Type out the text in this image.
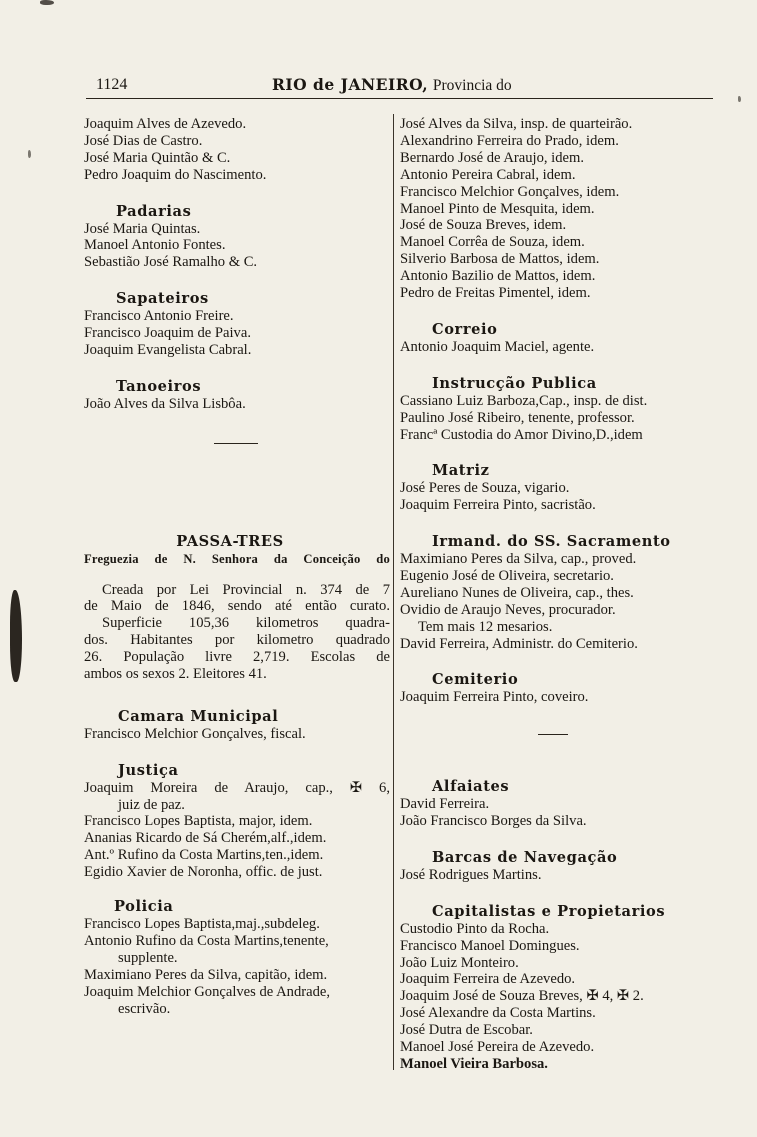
1124	RIO de JANEIRO, Provincia do
Joaquim Alves de Azevedo.
José Dias de Castro.
José Maria Quintão & C.
Pedro Joaquim do Nascimento.
Padarias
José Maria Quintas.
Manoel Antonio Fontes.
Sebastião José Ramalho & C.
Sapateiros
Francisco Antonio Freire.
Francisco Joaquim de Paiva.
Joaquim Evangelista Cabral.
Tanoeiros
João Alves da Silva Lisbôa.
PASSA-TRES
Freguezia de N. Senhora da Conceição do
Creada por Lei Provincial n. 374 de 7
de Maio de 1846, sendo até então curato.
Superficie 105,36 kilometros quadra-
dos. Habitantes por kilometro quadrado
26. População livre 2,719. Escolas de
ambos os sexos 2. Eleitores 41.
Camara Municipal
Francisco Melchior Gonçalves, fiscal.
Justiça
Joaquim Moreira de Araujo, cap., ✠ 6,
juiz de paz.
Francisco Lopes Baptista, major, idem.
Ananias Ricardo de Sá Cherém,alf.,idem.
Ant.º Rufino da Costa Martins,ten.,idem.
Egidio Xavier de Noronha, offic. de just.
Policia
Francisco Lopes Baptista,maj.,subdeleg.
Antonio Rufino da Costa Martins,tenente,
supplente.
Maximiano Peres da Silva, capitão, idem.
Joaquim Melchior Gonçalves de Andrade,
escrivão.
José Alves da Silva, insp. de quarteirão.
Alexandrino Ferreira do Prado, idem.
Bernardo José de Araujo, idem.
Antonio Pereira Cabral, idem.
Francisco Melchior Gonçalves, idem.
Manoel Pinto de Mesquita, idem.
José de Souza Breves, idem.
Manoel Corrêa de Souza, idem.
Silverio Barbosa de Mattos, idem.
Antonio Bazilio de Mattos, idem.
Pedro de Freitas Pimentel, idem.
Correio
Antonio Joaquim Maciel, agente.
Instrucção Publica
Cassiano Luiz Barboza,Cap., insp. de dist.
Paulino José Ribeiro, tenente, professor.
Francª Custodia do Amor Divino,D.,idem
Matriz
José Peres de Souza, vigario.
Joaquim Ferreira Pinto, sacristão.
Irmand. do SS. Sacramento
Maximiano Peres da Silva, cap., proved.
Eugenio José de Oliveira, secretario.
Aureliano Nunes de Oliveira, cap., thes.
Ovidio de Araujo Neves, procurador.
Tem mais 12 mesarios.
David Ferreira, Administr. do Cemiterio.
Cemiterio
Joaquim Ferreira Pinto, coveiro.
Alfaiates
David Ferreira.
João Francisco Borges da Silva.
Barcas de Navegação
José Rodrigues Martins.
Capitalistas e Propietarios
Custodio Pinto da Rocha.
Francisco Manoel Domingues.
João Luiz Monteiro.
Joaquim Ferreira de Azevedo.
Joaquim José de Souza Breves, ✠ 4, ✠ 2.
José Alexandre da Costa Martins.
José Dutra de Escobar.
Manoel José Pereira de Azevedo.
Manoel Vieira Barbosa.
